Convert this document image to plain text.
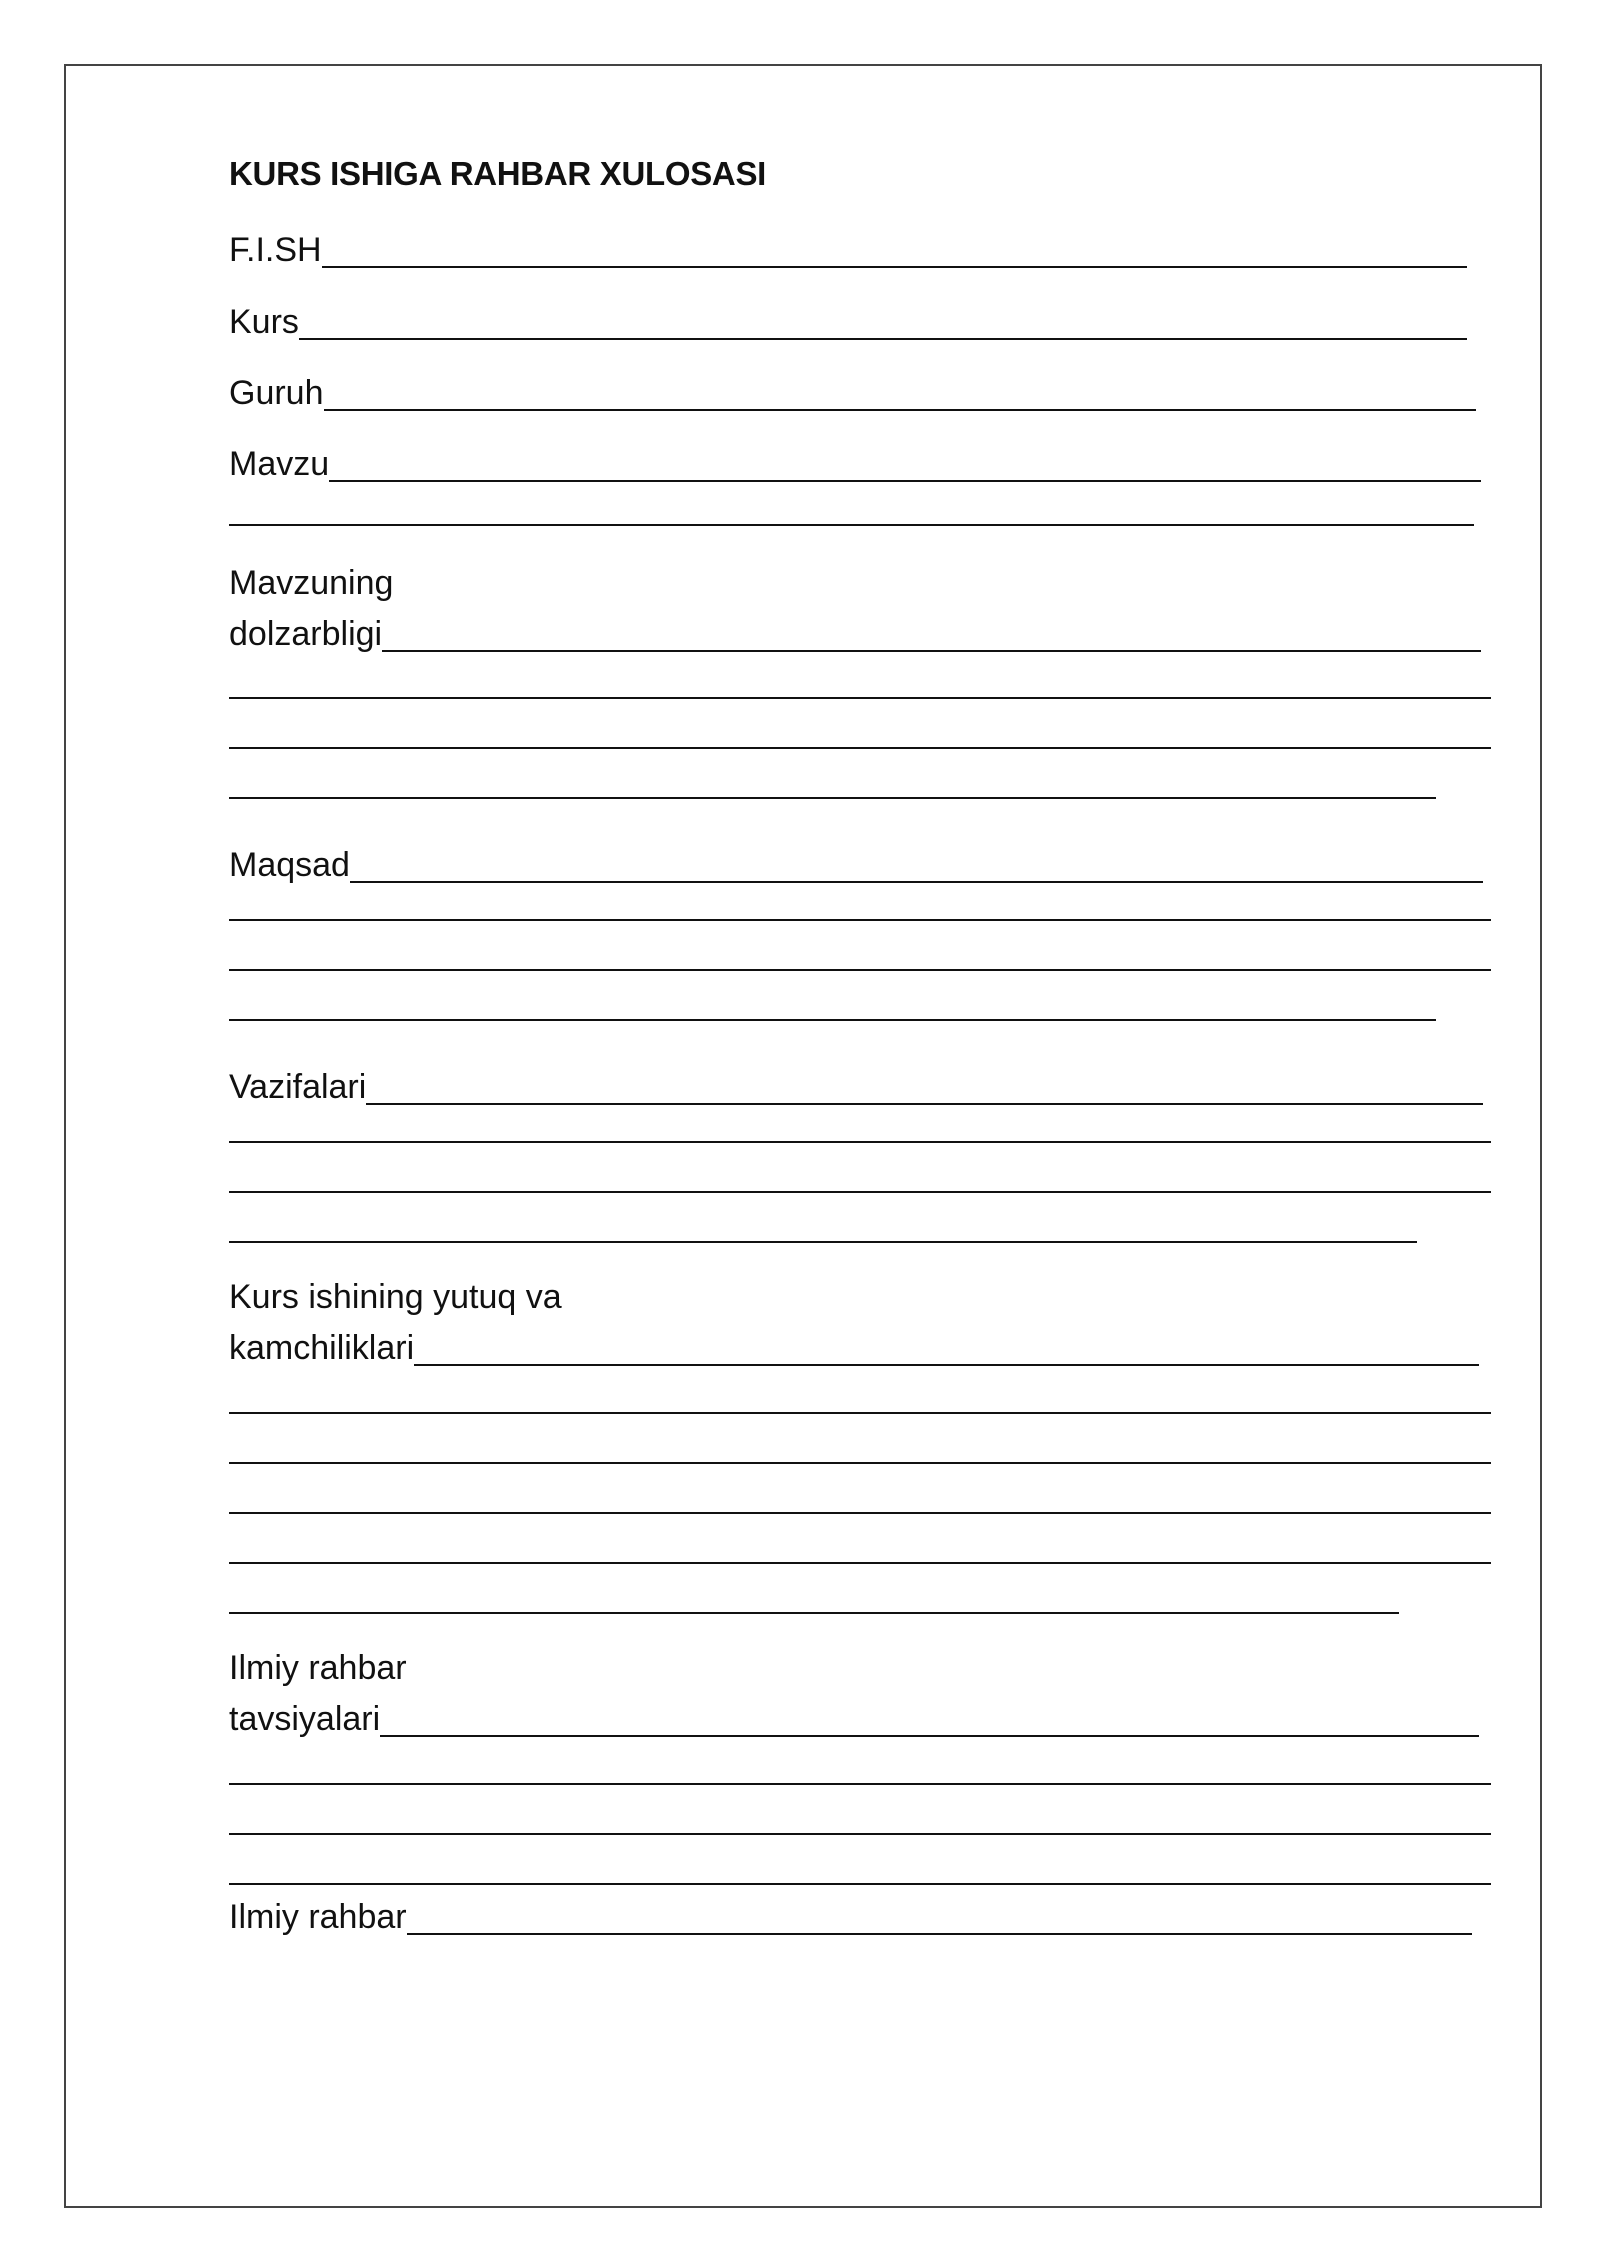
KURS ISHIGA RAHBAR XULOSASI
F.I.SH
Kurs
Guruh
Mavzu
Mavzuning
dolzarbligi
Maqsad
Vazifalari
Kurs ishining yutuq va
kamchiliklari
Ilmiy rahbar
tavsiyalari
Ilmiy rahbar
